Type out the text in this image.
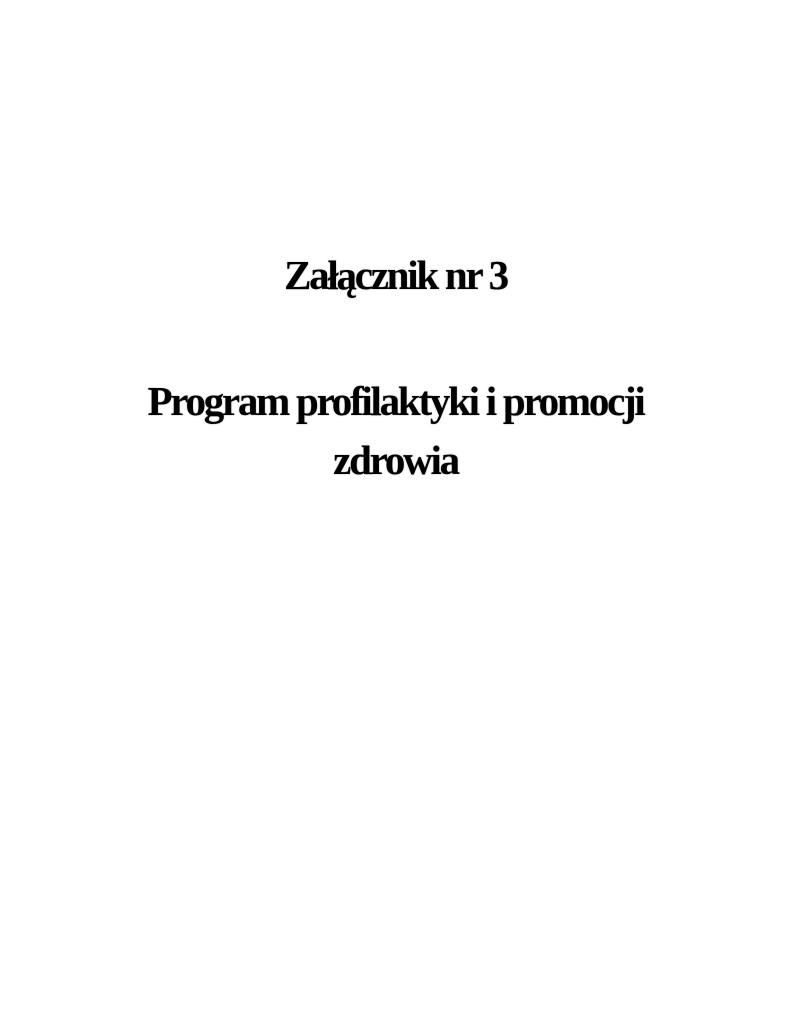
Załącznik nr 3
Program profilaktyki i promocji
zdrowia
